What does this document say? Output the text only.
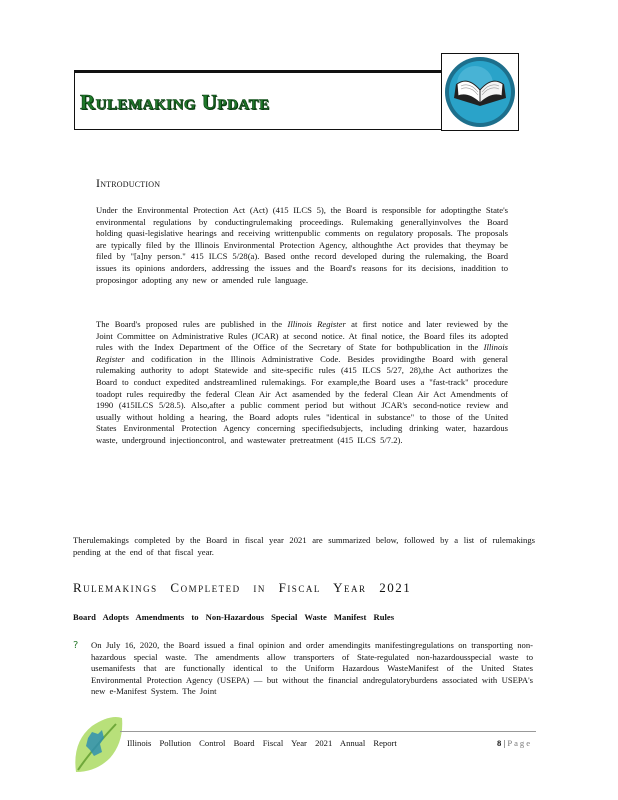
Rulemaking Update
Introduction
Under the Environmental Protection Act (Act) (415 ILCS 5), the Board is responsible for adoptingthe State's environmental regulations by conductingrulemaking proceedings. Rulemaking generallyinvolves the Board holding quasi-legislative hearings and receiving writtenpublic comments on regulatory proposals. The proposals are typically filed by the Illinois Environmental Protection Agency, althoughthe Act provides that theymay be filed by "[a]ny person." 415 ILCS 5/28(a). Based onthe record developed during the rulemaking, the Board issues its opinions andorders, addressing the issues and the Board's reasons for its decisions, inaddition to proposingor adopting any new or amended rule language.
The Board's proposed rules are published in the Illinois Register at first notice and later reviewed by the Joint Committee on Administrative Rules (JCAR) at second notice. At final notice, the Board files its adopted rules with the Index Department of the Office of the Secretary of State for bothpublication in the Illinois Register and codification in the Illinois Administrative Code. Besides providingthe Board with general rulemaking authority to adopt Statewide and site-specific rules (415 ILCS 5/27, 28),the Act authorizes the Board to conduct expedited andstreamlined rulemakings. For example,the Board uses a "fast-track" procedure toadopt rules requiredby the federal Clean Air Act asamended by the federal Clean Air Act Amendments of 1990 (415ILCS 5/28.5). Also,after a public comment period but without JCAR's second-notice review and usually without holding a hearing, the Board adopts rules "identical in substance" to those of the United States Environmental Protection Agency concerning specifiedsubjects, including drinking water, hazardous waste, underground injectioncontrol, and wastewater pretreatment (415 ILCS 5/7.2).
Therulemakings completed by the Board in fiscal year 2021 are summarized below, followed by a list of rulemakings pending at the end of that fiscal year.
Rulemakings Completed in Fiscal Year 2021
Board Adopts Amendments to Non-Hazardous Special Waste Manifest Rules
? On July 16, 2020, the Board issued a final opinion and order amendingits manifestingregulations on transporting non-hazardous special waste. The amendments allow transporters of State-regulated non-hazardousspecial waste to usemanifests that are functionally identical to the Uniform Hazardous WasteManifest of the United States Environmental Protection Agency (USEPA) — but without the financial andregulatoryburdens associated with USEPA's new e-Manifest System. The Joint
Illinois Pollution Control Board Fiscal Year 2021 Annual Report	8 | Page
